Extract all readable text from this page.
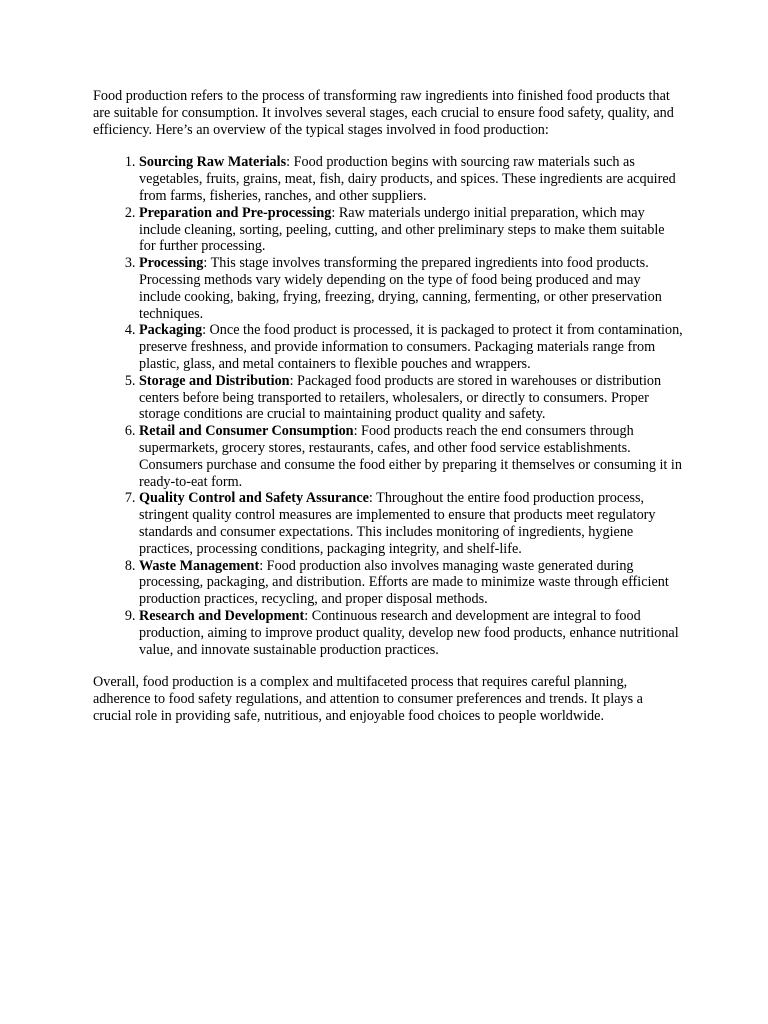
Food production refers to the process of transforming raw ingredients into finished food products that are suitable for consumption. It involves several stages, each crucial to ensure food safety, quality, and efficiency. Here’s an overview of the typical stages involved in food production:

1. Sourcing Raw Materials: Food production begins with sourcing raw materials such as vegetables, fruits, grains, meat, fish, dairy products, and spices. These ingredients are acquired from farms, fisheries, ranches, and other suppliers.
2. Preparation and Pre-processing: Raw materials undergo initial preparation, which may include cleaning, sorting, peeling, cutting, and other preliminary steps to make them suitable for further processing.
3. Processing: This stage involves transforming the prepared ingredients into food products. Processing methods vary widely depending on the type of food being produced and may include cooking, baking, frying, freezing, drying, canning, fermenting, or other preservation techniques.
4. Packaging: Once the food product is processed, it is packaged to protect it from contamination, preserve freshness, and provide information to consumers. Packaging materials range from plastic, glass, and metal containers to flexible pouches and wrappers.
5. Storage and Distribution: Packaged food products are stored in warehouses or distribution centers before being transported to retailers, wholesalers, or directly to consumers. Proper storage conditions are crucial to maintaining product quality and safety.
6. Retail and Consumer Consumption: Food products reach the end consumers through supermarkets, grocery stores, restaurants, cafes, and other food service establishments. Consumers purchase and consume the food either by preparing it themselves or consuming it in ready-to-eat form.
7. Quality Control and Safety Assurance: Throughout the entire food production process, stringent quality control measures are implemented to ensure that products meet regulatory standards and consumer expectations. This includes monitoring of ingredients, hygiene practices, processing conditions, packaging integrity, and shelf-life.
8. Waste Management: Food production also involves managing waste generated during processing, packaging, and distribution. Efforts are made to minimize waste through efficient production practices, recycling, and proper disposal methods.
9. Research and Development: Continuous research and development are integral to food production, aiming to improve product quality, develop new food products, enhance nutritional value, and innovate sustainable production practices.

Overall, food production is a complex and multifaceted process that requires careful planning, adherence to food safety regulations, and attention to consumer preferences and trends. It plays a crucial role in providing safe, nutritious, and enjoyable food choices to people worldwide.
